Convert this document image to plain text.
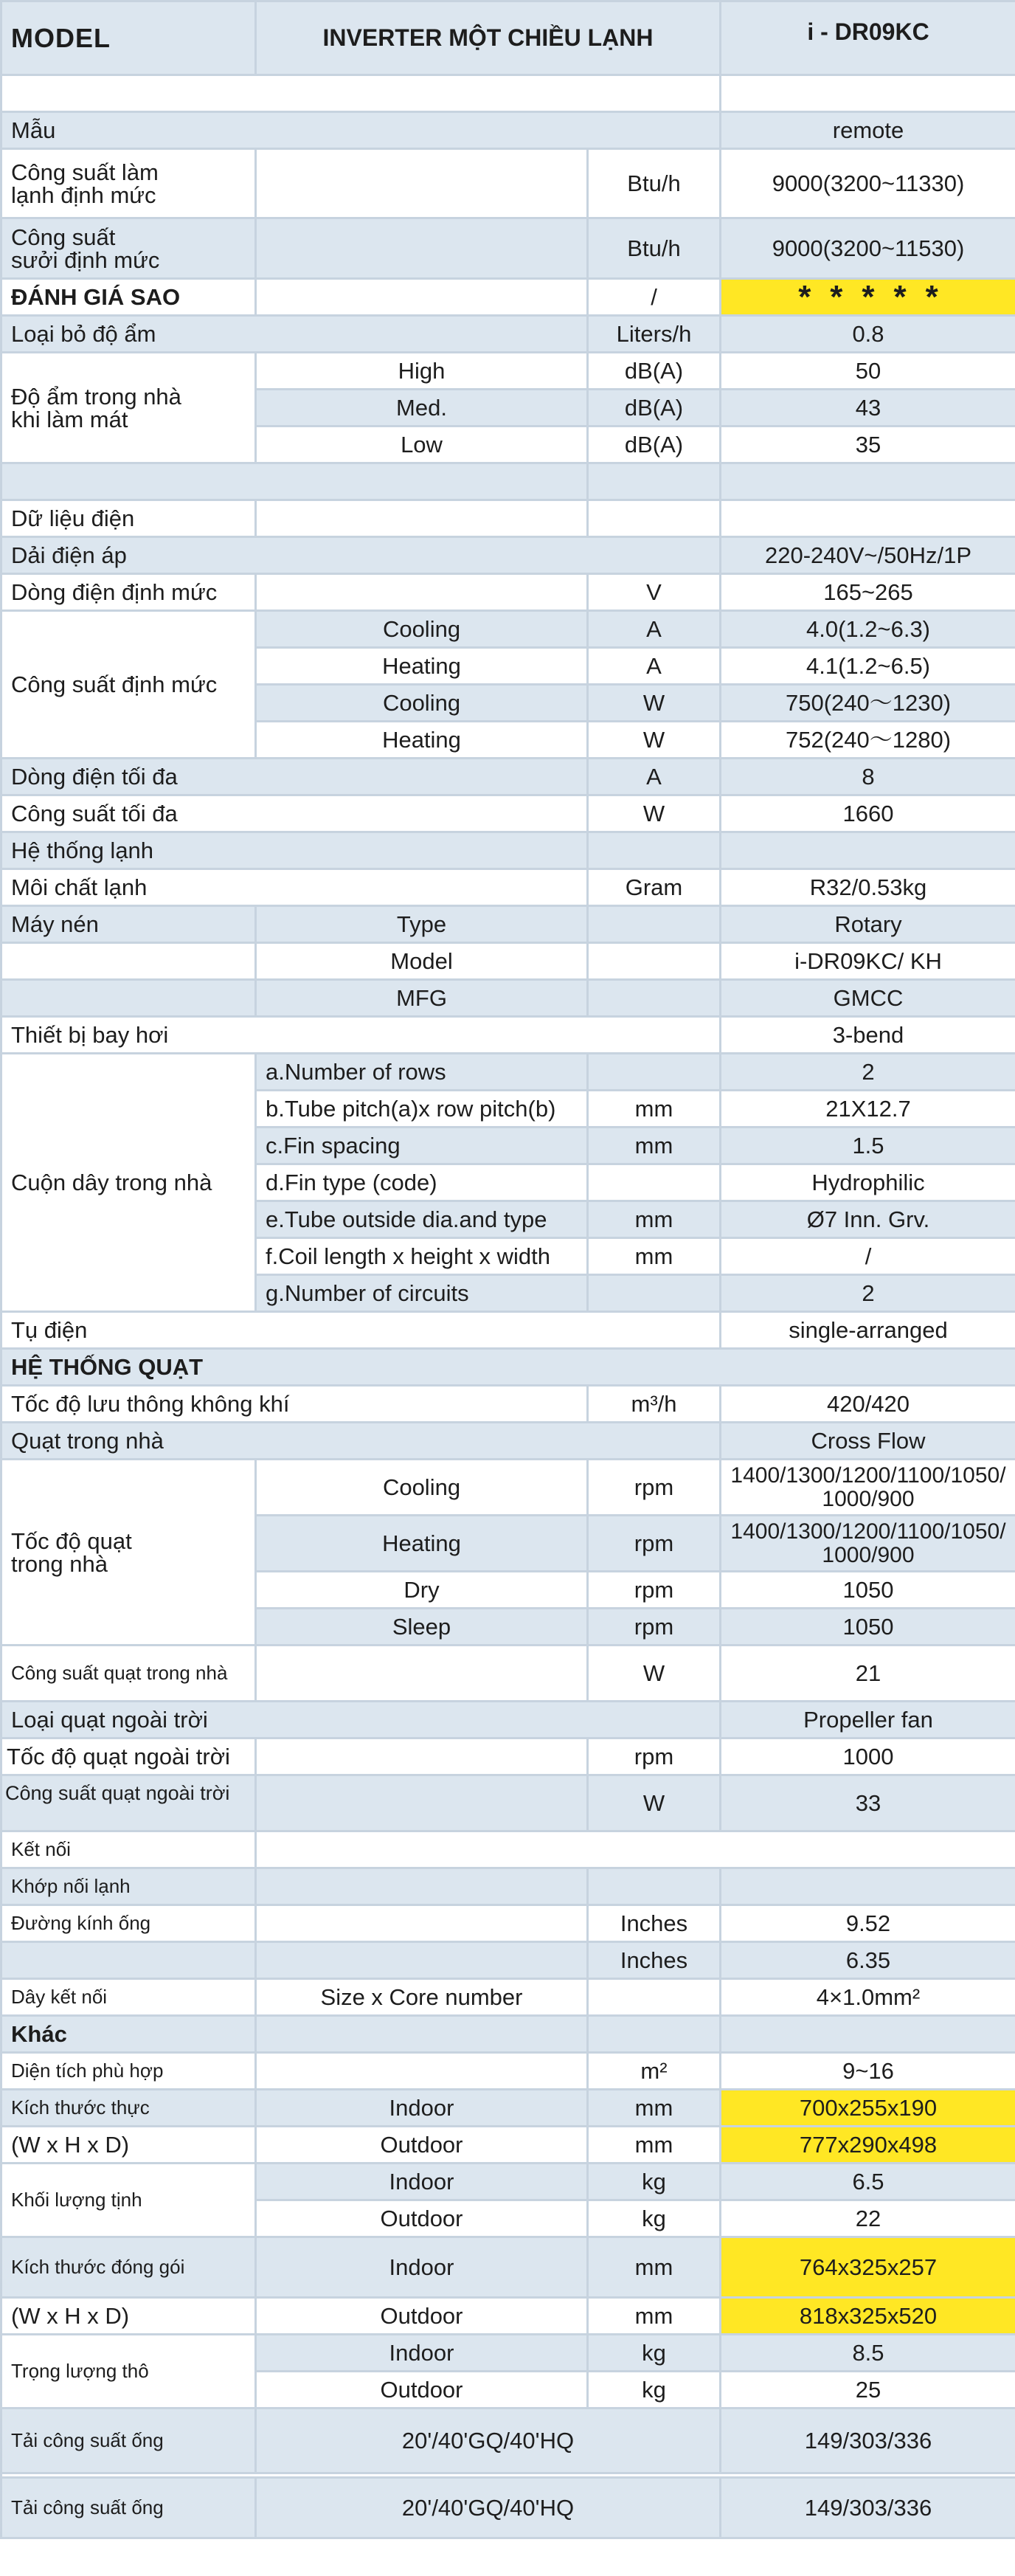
MODEL	INVERTER MỘT CHIỀU LẠNH		i - DR09KC

Mẫu			remote
Công suất làm
lạnh định mức		Btu/h	9000(3200~11330)
Công suất
sưởi định mức		Btu/h	9000(3200~11530)
ĐÁNH GIÁ SAO		/	*****
Loại bỏ độ ẩm		Liters/h	0.8
Độ ẩm trong nhà
khi làm mát	High	dB(A)	50
	Med.	dB(A)	43
	Low	dB(A)	35

Dữ liệu điện			
Dải điện áp			220-240V~/50Hz/1P
Dòng điện định mức		V	165~265
Công suất định mức	Cooling	A	4.0(1.2~6.3)
	Heating	A	4.1(1.2~6.5)
	Cooling	W	750(240～1230)
	Heating	W	752(240～1280)
Dòng điện tối đa		A	8
Công suất tối đa		W	1660
Hệ thống lạnh			
Môi chất lạnh		Gram	R32/0.53kg
Máy nén	Type		Rotary
	Model		i-DR09KC/ KH
	MFG		GMCC
Thiết bị bay hơi			3-bend
Cuộn dây trong nhà	a.Number of rows		2
	b.Tube pitch(a)x row pitch(b)	mm	21X12.7
	c.Fin spacing	mm	1.5
	d.Fin type (code)		Hydrophilic
	e.Tube outside dia.and type	mm	Ø7 Inn. Grv.
	f.Coil length x height x width	mm	/
	g.Number of circuits		2
Tụ điện			single-arranged
HỆ THỐNG QUẠT			
Tốc độ lưu thông không khí		m³/h	420/420
Quạt trong nhà			Cross Flow
Tốc độ quạt
trong nhà	Cooling	rpm	1400/1300/1200/1100/1050/
1000/900
	Heating	rpm	1400/1300/1200/1100/1050/
1000/900
	Dry	rpm	1050
	Sleep	rpm	1050
Công suất quạt trong nhà		W	21
Loại quạt ngoài trời			Propeller fan
Tốc độ quạt ngoài trời		rpm	1000
Công suất quạt ngoài trời		W	33
Kết nối			
Khớp nối lạnh			
Đường kính ống		Inches	9.52
		Inches	6.35
Dây kết nối	Size x Core number		4×1.0mm²
Khác			
Diện tích phù hợp		m²	9~16
Kích thước thực	Indoor	mm	700x255x190
(W x H x D)	Outdoor	mm	777x290x498
Khối lượng tịnh	Indoor	kg	6.5
	Outdoor	kg	22
Kích thước đóng gói	Indoor	mm	764x325x257
(W x H x D)	Outdoor	mm	818x325x520
Trọng lượng thô	Indoor	kg	8.5
	Outdoor	kg	25
Tải công suất ống	20'/40'GQ/40'HQ		149/303/336

Tải công suất ống	20'/40'GQ/40'HQ		149/303/336
